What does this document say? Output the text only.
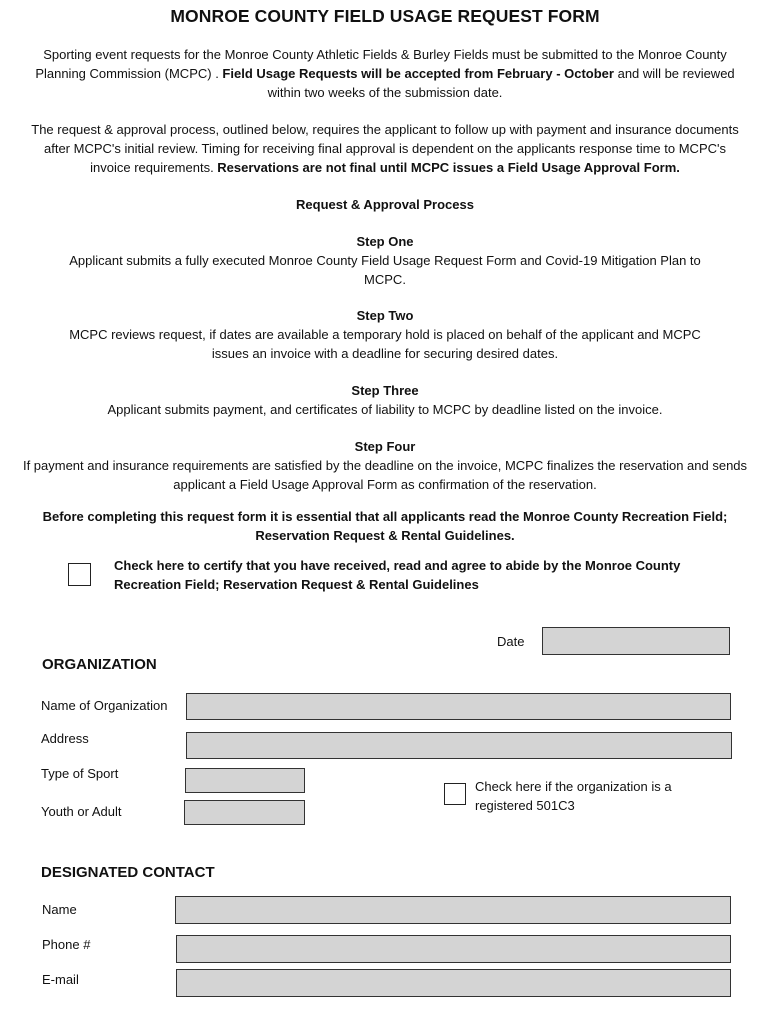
MONROE COUNTY FIELD USAGE REQUEST FORM
Sporting event requests for the Monroe County Athletic Fields & Burley Fields must be submitted to the Monroe County Planning Commission (MCPC) . Field Usage Requests will be accepted from February - October and will be reviewed within two weeks of the submission date.
The request & approval process, outlined below, requires the applicant to follow up with payment and insurance documents after MCPC's initial review. Timing for receiving final approval is dependent on the applicants response time to MCPC's invoice requirements. Reservations are not final until MCPC issues a Field Usage Approval Form.
Request & Approval Process
Step One
Applicant submits a fully executed Monroe County Field Usage Request Form and Covid-19 Mitigation Plan to MCPC.
Step Two
MCPC reviews request, if dates are available a temporary hold is placed on behalf of the applicant and MCPC issues an invoice with a deadline for securing desired dates.
Step Three
Applicant submits payment, and certificates of liability to MCPC by deadline listed on the invoice.
Step Four
If payment and insurance requirements are satisfied by the deadline on the invoice, MCPC finalizes the reservation and sends applicant a Field Usage Approval Form as confirmation of the reservation.
Before completing this request form it is essential that all applicants read the Monroe County Recreation Field; Reservation Request & Rental Guidelines.
Check here to certify that you have received, read and agree to abide by the Monroe County Recreation Field; Reservation Request & Rental Guidelines
Date
ORGANIZATION
Name of Organization
Address
Type of Sport
Youth or Adult
Check here if the organization is a registered 501C3
DESIGNATED CONTACT
Name
Phone #
E-mail
